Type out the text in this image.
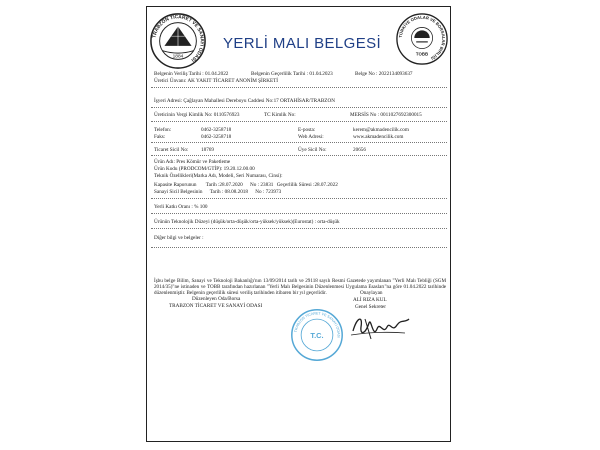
TRABZON TİCARET VE SANAYİ ODASI
1884
YERLİ MALI BELGESİ	TÜRKİYE ODALAR VE BORSALAR BİRLİĞİ
TOBB
Belgenin Veriliş Tarihi : 01.04.2022	Belgenin Geçerlilik Tarihi : 01.04.2023	Belge No : 2022134093637
Üretici Ünvanı: AK YAKIT TİCARET ANONİM ŞİRKETİ
İşyeri Adresi: Çağlayan Mahallesi Dereboyu Caddesi No:17 ORTAHİSAR/TRABZON
Üreticinin Vergi Kimlik No: 0110576923	TC Kimlik No:	MERSİS No : 0011027692300015
Telefon:	0462-3258718	E-posta:	kerem@akmadencilik.com
Faks:	0462-3258718	Web Adresi:	www.akmadencilik.com
Ticaret Sicil No: 18769	Üye Sicil No:	20656
Ürün Adı: Pres Kömür ve Paketleme
Ürün Kodu (PRODCOM/GTİP): 19.20.12.00.00
Teknik Özellikleri(Marka Adı, Modeli, Seri Numarası, Cinsi):
Kapasite Raporunun Tarih :28.07.2020 No : 23831 Geçerlilik Süresi :28.07.2022
Sanayi Sicil Belgesinin Tarih : 08.08.2018 No : 723973
Yerli Katkı Oranı : % 100
Ürünün Teknolojik Düzeyi (düşük/orta-düşük/orta-yüksek/yüksek)(Eurostat) : orta-düşük
Diğer bilgi ve belgeler :
İşbu belge Bilim, Sanayi ve Teknoloji Bakanlığı'nın 13/09/2014 tarih ve 29118 sayılı Resmi Gazetede yayımlanan "Yerli Malı Tebliği (SGM 2014/35)"ne istinaden ve TOBB tarafından hazırlanan "Yerli Malı Belgesinin Düzenlenmesi Uygulama Esasları"na göre 01.04.2022 tarihinde düzenlenmiştir. Belgenin geçerlilik süresi veriliş tarihinden itibaren bir yıl geçerlidir.
Düzenleyen Oda/Borsa
TRABZON TİCARET VE SANAYİ ODASI
Onaylayan
ALİ RIZA KUL
Genel Sekreter
TRABZON TİCARET VE SANAYİ ODASI
T.C.
